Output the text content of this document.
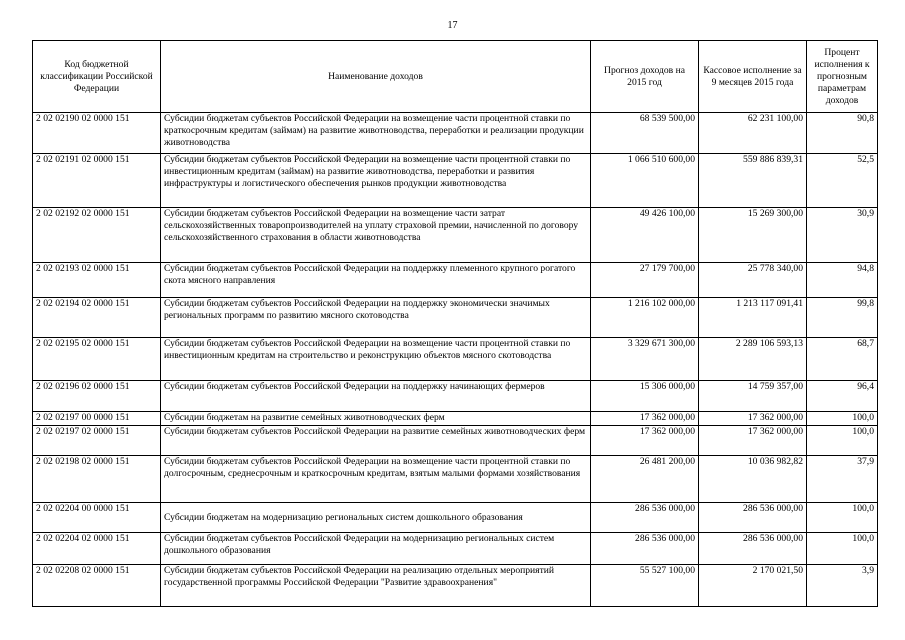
17
Код бюджетной классификации Российской Федерации	Наименование доходов	Прогноз доходов на 2015 год	Кассовое исполнение за 9 месяцев 2015 года	Процент исполнения к прогнозным параметрам доходов
2 02 02190 02 0000 151	Субсидии бюджетам субъектов Российской Федерации на возмещение части процентной ставки по краткосрочным кредитам (займам) на развитие животноводства, переработки и реализации продукции животноводства	68 539 500,00	62 231 100,00	90,8
2 02 02191 02 0000 151	Субсидии бюджетам субъектов Российской Федерации на возмещение части процентной ставки по инвестиционным кредитам (займам) на развитие животноводства, переработки и развития инфраструктуры и логистического обеспечения рынков продукции животноводства	1 066 510 600,00	559 886 839,31	52,5
2 02 02192 02 0000 151	Субсидии бюджетам субъектов Российской Федерации на возмещение части затрат сельскохозяйственных товаропроизводителей на уплату страховой премии, начисленной по договору сельскохозяйственного страхования в области животноводства	49 426 100,00	15 269 300,00	30,9
2 02 02193 02 0000 151	Субсидии бюджетам субъектов Российской Федерации на поддержку племенного крупного рогатого скота мясного направления	27 179 700,00	25 778 340,00	94,8
2 02 02194 02 0000 151	Субсидии бюджетам субъектов Российской Федерации на поддержку экономически значимых региональных программ по развитию мясного скотоводства	1 216 102 000,00	1 213 117 091,41	99,8
2 02 02195 02 0000 151	Субсидии бюджетам субъектов Российской Федерации на возмещение части процентной ставки по инвестиционным кредитам на строительство и реконструкцию объектов мясного скотоводства	3 329 671 300,00	2 289 106 593,13	68,7
2 02 02196 02 0000 151	Субсидии бюджетам субъектов Российской Федерации на поддержку начинающих фермеров	15 306 000,00	14 759 357,00	96,4
2 02 02197 00 0000 151	Субсидии бюджетам на развитие семейных животноводческих ферм	17 362 000,00	17 362 000,00	100,0
2 02 02197 02 0000 151	Субсидии бюджетам субъектов Российской Федерации на развитие семейных животноводческих ферм	17 362 000,00	17 362 000,00	100,0
2 02 02198 02 0000 151	Субсидии бюджетам субъектов Российской Федерации на возмещение части процентной ставки по долгосрочным, среднесрочным и краткосрочным кредитам, взятым малыми формами хозяйствования	26 481 200,00	10 036 982,82	37,9
2 02 02204 00 0000 151	Субсидии бюджетам на модернизацию региональных систем дошкольного образования	286 536 000,00	286 536 000,00	100,0
2 02 02204 02 0000 151	Субсидии бюджетам субъектов Российской Федерации на модернизацию региональных систем дошкольного образования	286 536 000,00	286 536 000,00	100,0
2 02 02208 02 0000 151	Субсидии бюджетам субъектов Российской Федерации на реализацию отдельных мероприятий государственной программы Российской Федерации "Развитие здравоохранения"	55 527 100,00	2 170 021,50	3,9
